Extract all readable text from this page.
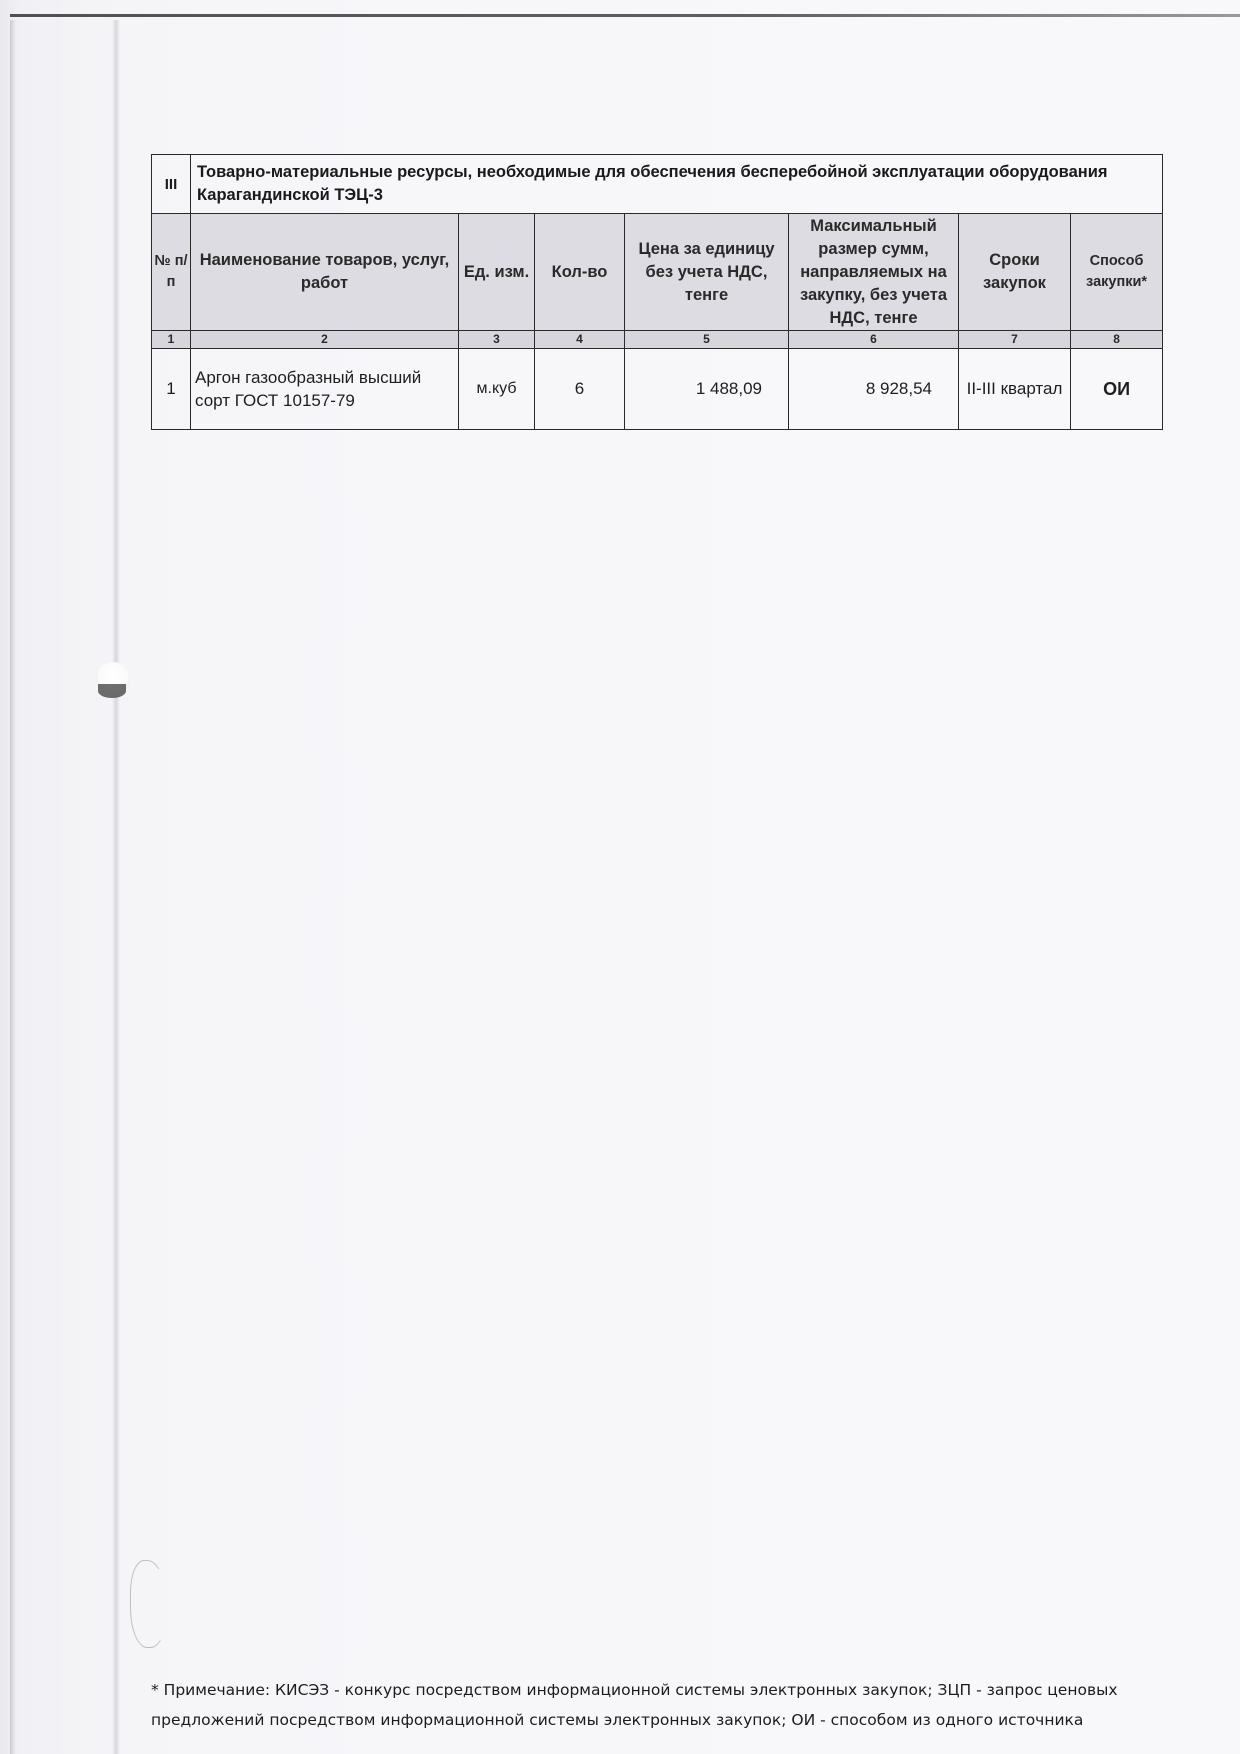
III	Товарно-материальные ресурсы, необходимые для обеспечения бесперебойной эксплуатации оборудования Карагандинской ТЭЦ-3						
№ п/п	Наименование товаров, услуг, работ	Ед. изм.	Кол-во	Цена за единицу без учета НДС, тенге	Максимальный размер сумм, направляемых на закупку, без учета НДС, тенге	Сроки закупок	Способ закупки*
1	2	3	4	5	6	7	8
1	Аргон газообразный высший сорт ГОСТ 10157-79	м.куб	6	1 488,09	8 928,54	II-III квартал	ОИ
* Примечание: КИСЭЗ - конкурс посредством информационной системы электронных закупок; ЗЦП - запрос ценовых
предложений посредством информационной системы электронных закупок; ОИ - способом из одного источника
